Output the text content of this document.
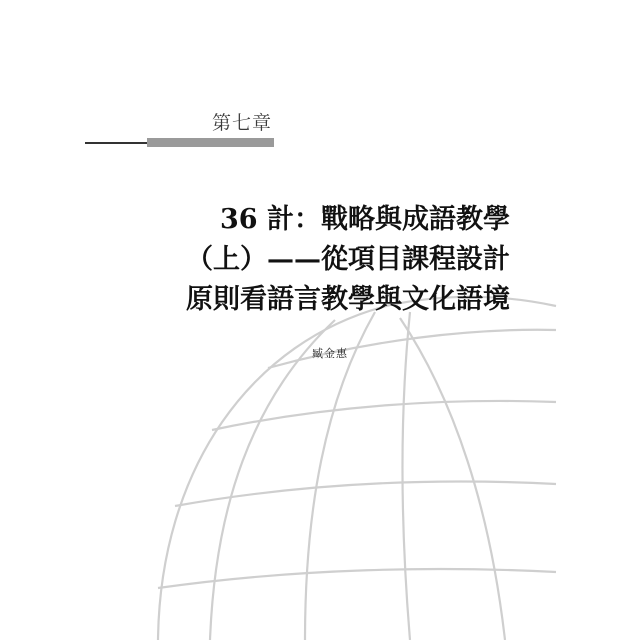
第七章
36 計：戰略與成語教學
（上）——從項目課程設計
原則看語言教學與文化語境
臧金惠
